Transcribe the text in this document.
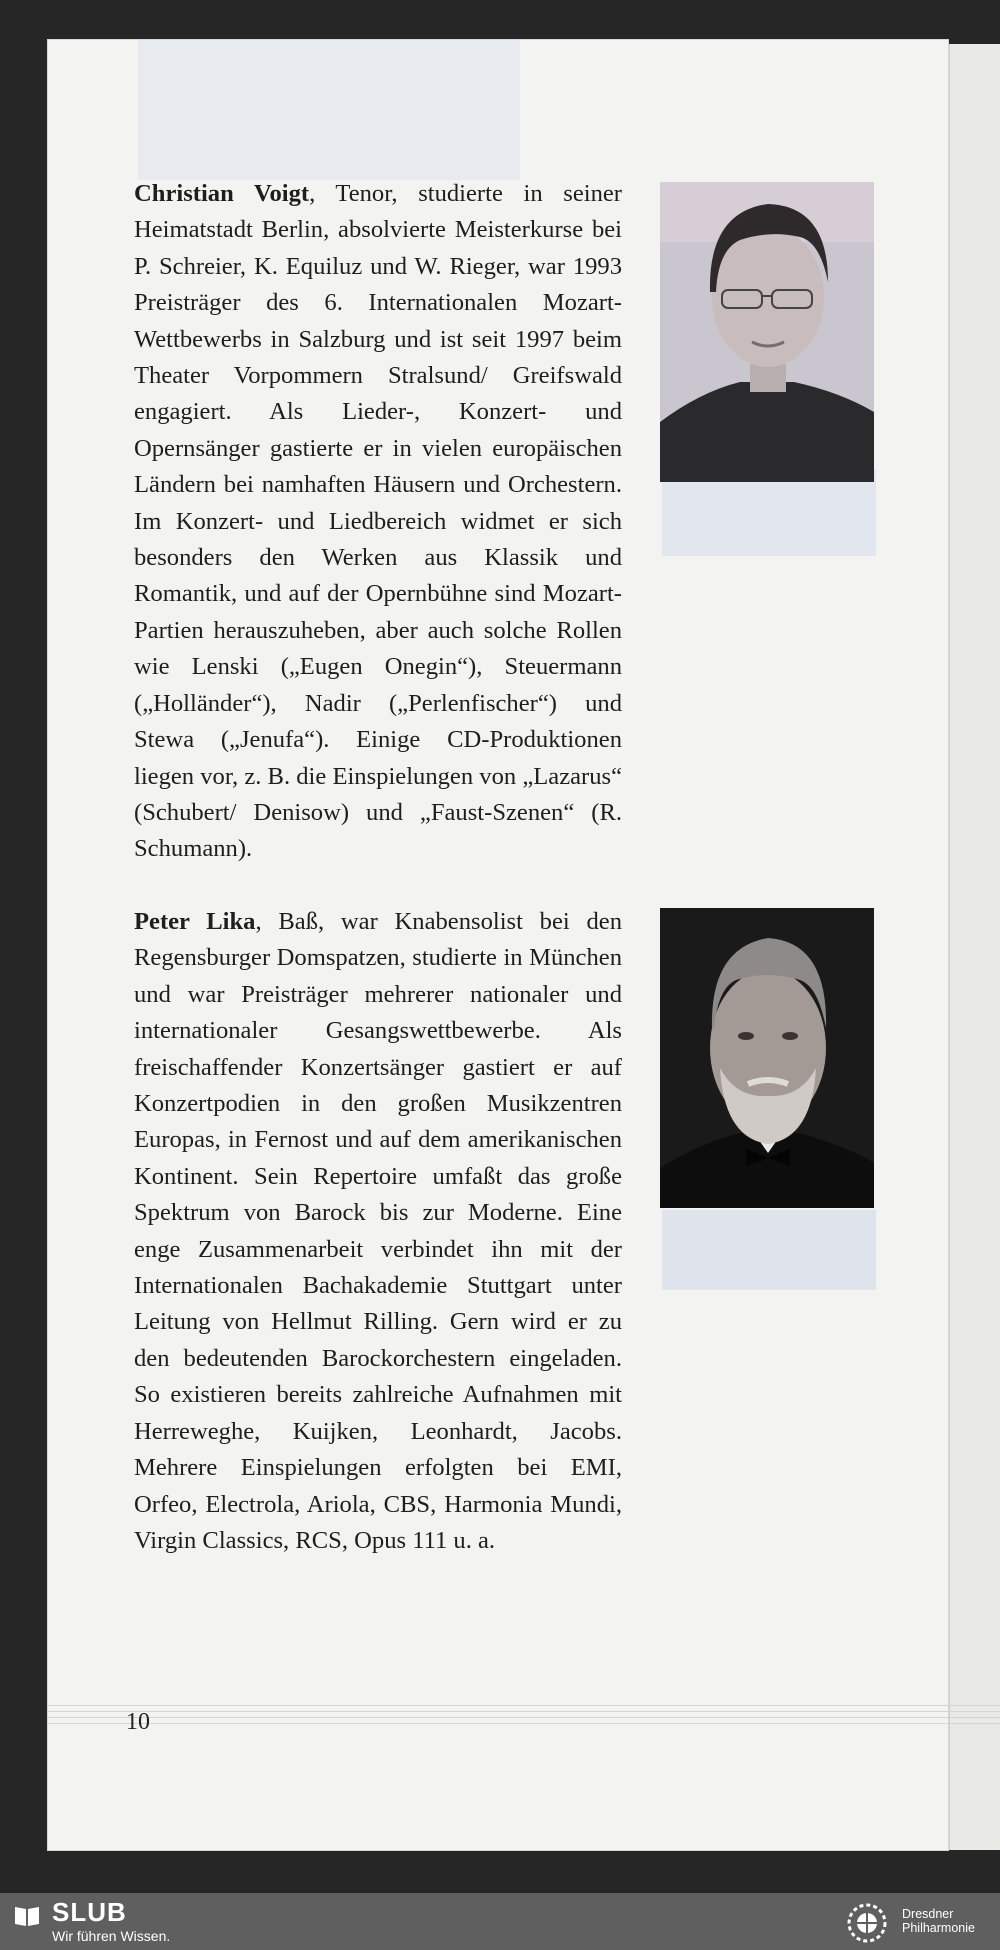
Christian Voigt, Tenor, studierte in seiner Heimatstadt Berlin, absolvierte Meisterkurse bei P. Schreier, K. Equiluz und W. Rieger, war 1993 Preisträger des 6. Internationalen Mozart-Wettbewerbs in Salzburg und ist seit 1997 beim Theater Vorpommern Stralsund/ Greifswald engagiert. Als Lieder-, Konzert- und Opernsänger gastierte er in vielen europäischen Ländern bei namhaften Häusern und Orchestern. Im Konzert- und Liedbereich widmet er sich besonders den Werken aus Klassik und Romantik, und auf der Opernbühne sind Mozart-Partien herauszuheben, aber auch solche Rollen wie Lenski („Eugen Onegin“), Steuermann („Holländer“), Nadir („Perlenfischer“) und Stewa („Jenufa“). Einige CD-Produktionen liegen vor, z. B. die Einspielungen von „Lazarus“ (Schubert/ Denisow) und „Faust-Szenen“ (R. Schumann).
Peter Lika, Baß, war Knabensolist bei den Regensburger Domspatzen, studierte in München und war Preisträger mehrerer nationaler und internationaler Gesangswettbewerbe. Als freischaffender Konzertsänger gastiert er auf Konzertpodien in den großen Musikzentren Europas, in Fernost und auf dem amerikanischen Kontinent. Sein Repertoire umfaßt das große Spektrum von Barock bis zur Moderne. Eine enge Zusammenarbeit verbindet ihn mit der Internationalen Bachakademie Stuttgart unter Leitung von Hellmut Rilling. Gern wird er zu den bedeutenden Barockorchestern eingeladen. So existieren bereits zahlreiche Aufnahmen mit Herreweghe, Kuijken, Leonhardt, Jacobs. Mehrere Einspielungen erfolgten bei EMI, Orfeo, Electrola, Ariola, CBS, Harmonia Mundi, Virgin Classics, RCS, Opus 111 u. a.
10
SLUB
Wir führen Wissen.
Dresdner
Philharmonie
